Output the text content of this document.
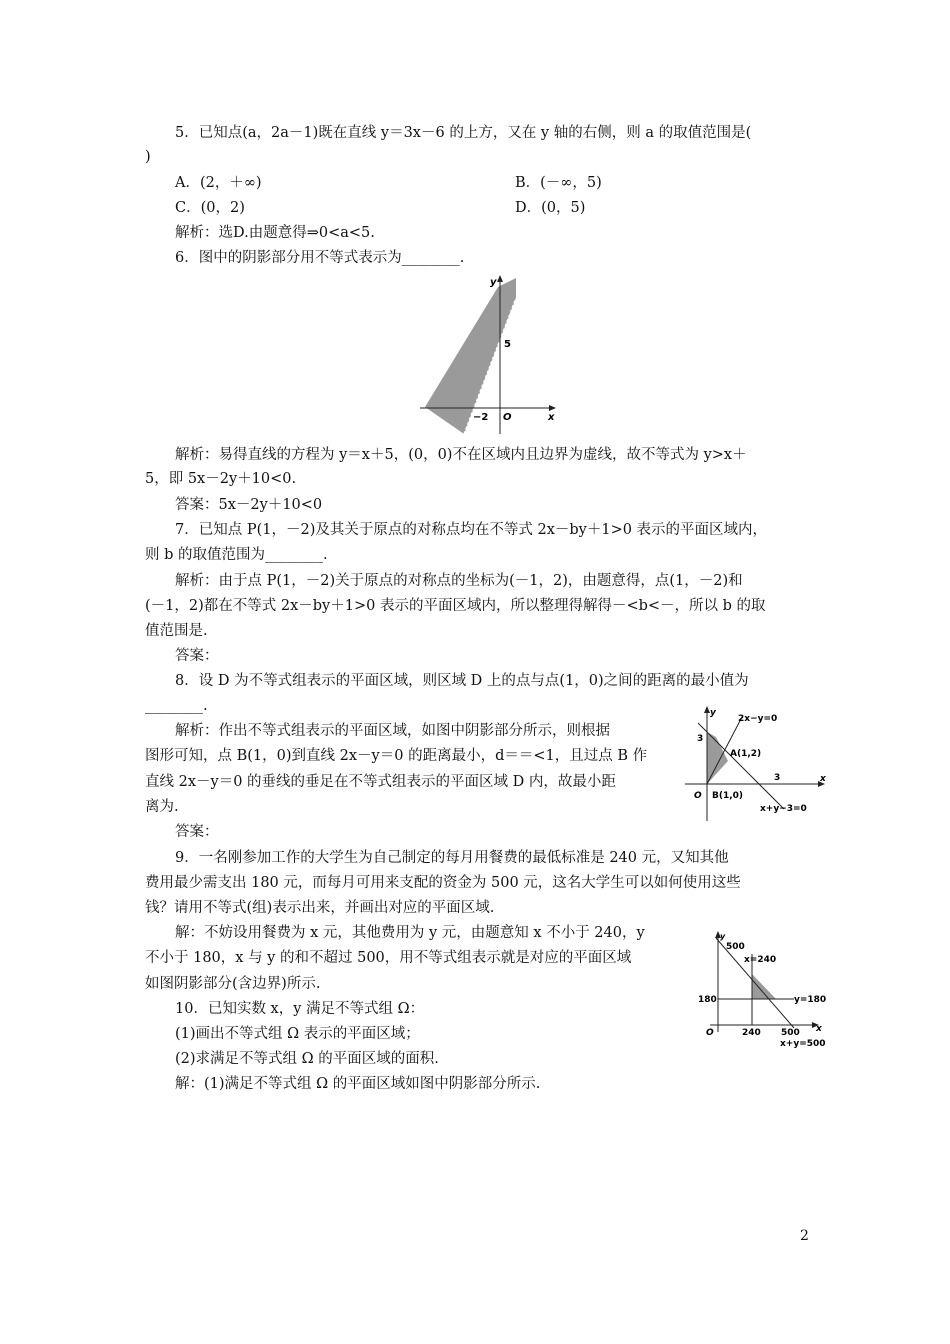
5．已知点(a，2a－1)既在直线 y＝3x－6 的上方，又在 y 轴的右侧，则 a 的取值范围是(
)
A．(2，＋∞)	B．(－∞，5)
C．(0，2)	D．(0，5)
解析：选D.由题意得⇒0<a<5.
6．图中的阴影部分用不等式表示为________.
y
x
5
−2 O
解析：易得直线的方程为 y＝x＋5，(0，0)不在区域内且边界为虚线，故不等式为 y>x＋
5，即 5x－2y＋10<0.
答案：5x－2y＋10<0
7．已知点 P(1，－2)及其关于原点的对称点均在不等式 2x－by＋1>0 表示的平面区域内，
则 b 的取值范围为________.
解析：由于点 P(1，－2)关于原点的对称点的坐标为(－1，2)，由题意得，点(1，－2)和
(－1，2)都在不等式 2x－by＋1>0 表示的平面区域内，所以整理得解得－<b<－，所以 b 的取
值范围是.
答案：
8．设 D 为不等式组表示的平面区域，则区域 D 上的点与点(1，0)之间的距离的最小值为
________.
解析：作出不等式组表示的平面区域，如图中阴影部分所示，则根据
图形可知，点 B(1，0)到直线 2x－y＝0 的距离最小，d＝＝<1，且过点 B 作
直线 2x－y＝0 的垂线的垂足在不等式组表示的平面区域 D 内，故最小距
离为.
答案：
y
x
2x−y=0
A(1,2)
3
3
O B(1,0)
x+y−3=0
9．一名刚参加工作的大学生为自己制定的每月用餐费的最低标准是 240 元，又知其他
费用最少需支出 180 元，而每月可用来支配的资金为 500 元，这名大学生可以如何使用这些
钱？请用不等式(组)表示出来，并画出对应的平面区域.
解：不妨设用餐费为 x 元，其他费用为 y 元，由题意知 x 不小于 240，y
不小于 180，x 与 y 的和不超过 500，用不等式组表示就是对应的平面区域
如图阴影部分(含边界)所示.
y
x
500
x=240
180	y=180
O	240 500
x+y=500
10．已知实数 x，y 满足不等式组 Ω：
(1)画出不等式组 Ω 表示的平面区域；
(2)求满足不等式组 Ω 的平面区域的面积.
解：(1)满足不等式组 Ω 的平面区域如图中阴影部分所示.
2
